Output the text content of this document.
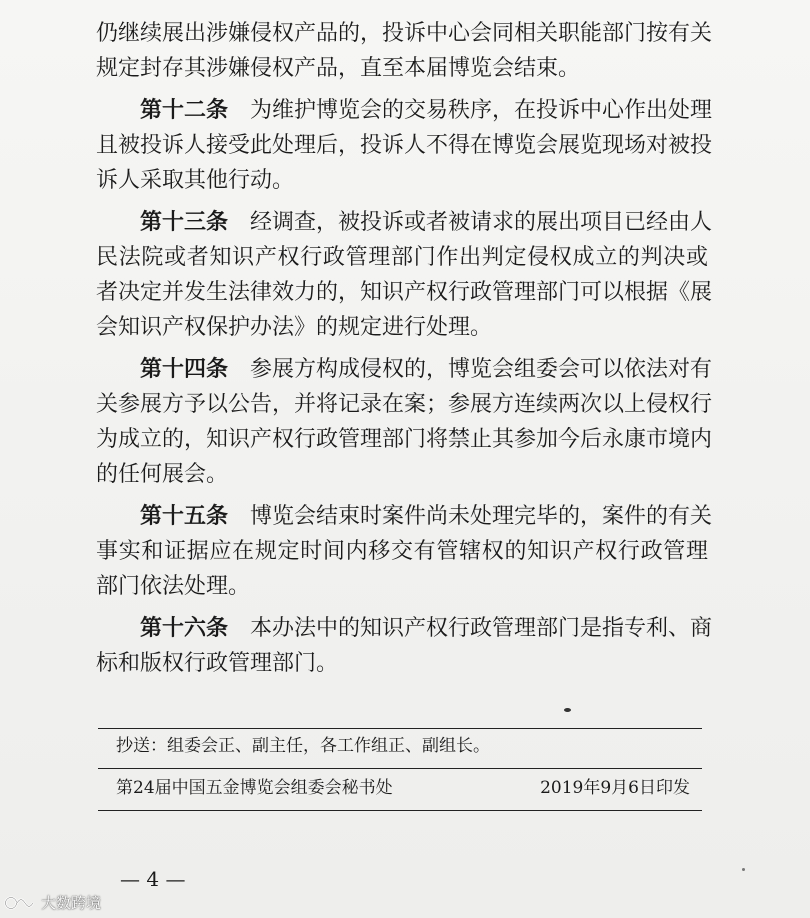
仍继续展出涉嫌侵权产品的，投诉中心会同相关职能部门按有关
规定封存其涉嫌侵权产品，直至本届博览会结束。
第十二条 为维护博览会的交易秩序，在投诉中心作出处理
且被投诉人接受此处理后，投诉人不得在博览会展览现场对被投
诉人采取其他行动。
第十三条 经调查，被投诉或者被请求的展出项目已经由人
民法院或者知识产权行政管理部门作出判定侵权成立的判决或
者决定并发生法律效力的，知识产权行政管理部门可以根据《展
会知识产权保护办法》的规定进行处理。
第十四条 参展方构成侵权的，博览会组委会可以依法对有
关参展方予以公告，并将记录在案；参展方连续两次以上侵权行
为成立的，知识产权行政管理部门将禁止其参加今后永康市境内
的任何展会。
第十五条 博览会结束时案件尚未处理完毕的，案件的有关
事实和证据应在规定时间内移交有管辖权的知识产权行政管理
部门依法处理。
第十六条 本办法中的知识产权行政管理部门是指专利、商
标和版权行政管理部门。
抄送：组委会正、副主任，各工作组正、副组长。
第24届中国五金博览会组委会秘书处	2019年9月6日印发
— 4 —
大数跨境
